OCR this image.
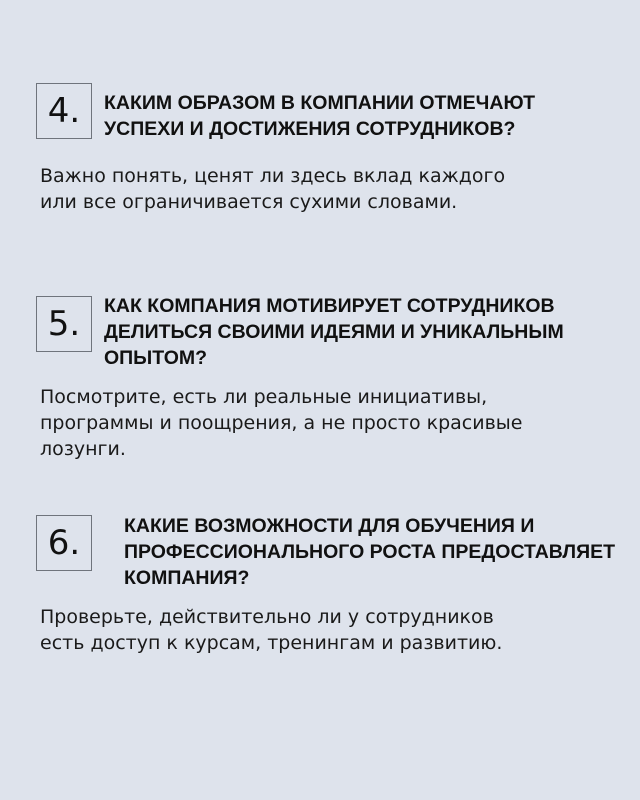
4. КАКИМ ОБРАЗОМ В КОМПАНИИ ОТМЕЧАЮТ
УСПЕХИ И ДОСТИЖЕНИЯ СОТРУДНИКОВ?

Важно понять, ценят ли здесь вклад каждого
или все ограничивается сухими словами.

5. КАК КОМПАНИЯ МОТИВИРУЕТ СОТРУДНИКОВ
ДЕЛИТЬСЯ СВОИМИ ИДЕЯМИ И УНИКАЛЬНЫМ
ОПЫТОМ?

Посмотрите, есть ли реальные инициативы,
программы и поощрения, а не просто красивые
лозунги.

6. КАКИЕ ВОЗМОЖНОСТИ ДЛЯ ОБУЧЕНИЯ И
ПРОФЕССИОНАЛЬНОГО РОСТА ПРЕДОСТАВЛЯЕТ
КОМПАНИЯ?

Проверьте, действительно ли у сотрудников
есть доступ к курсам, тренингам и развитию.
